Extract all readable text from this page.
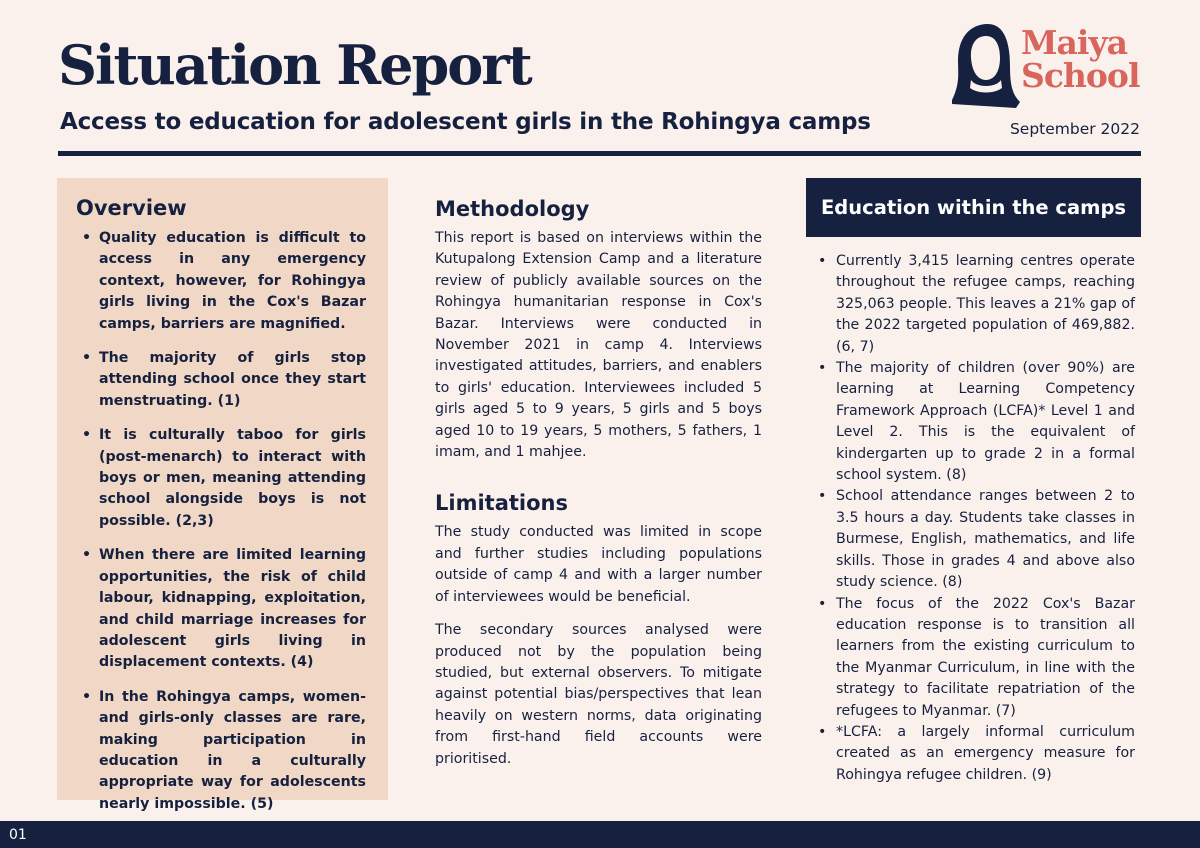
Situation Report
Access to education for adolescent girls in the Rohingya camps	September 2022
Maiya
School
Overview
• Quality education is difficult to access in any emergency context, however, for Rohingya girls living in the Cox's Bazar camps, barriers are magnified.
• The majority of girls stop attending school once they start menstruating. (1)
• It is culturally taboo for girls (post-menarch) to interact with boys or men, meaning attending school alongside boys is not possible. (2,3)
• When there are limited learning opportunities, the risk of child labour, kidnapping, exploitation, and child marriage increases for adolescent girls living in displacement contexts. (4)
• In the Rohingya camps, women- and girls-only classes are rare, making participation in education in a culturally appropriate way for adolescents nearly impossible. (5)
Methodology

This report is based on interviews within the Kutupalong Extension Camp and a literature review of publicly available sources on the Rohingya humanitarian response in Cox's Bazar. Interviews were conducted in November 2021 in camp 4. Interviews investigated attitudes, barriers, and enablers to girls' education. Interviewees included 5 girls aged 5 to 9 years, 5 girls and 5 boys aged 10 to 19 years, 5 mothers, 5 fathers, 1 imam, and 1 mahjee.

Limitations

The study conducted was limited in scope and further studies including populations outside of camp 4 and with a larger number of interviewees would be beneficial.

The secondary sources analysed were produced not by the population being studied, but external observers. To mitigate against potential bias/perspectives that lean heavily on western norms, data originating from first-hand field accounts were prioritised.

Education within the camps
• Currently 3,415 learning centres operate throughout the refugee camps, reaching 325,063 people. This leaves a 21% gap of the 2022 targeted population of 469,882. (6, 7)
• The majority of children (over 90%) are learning at Learning Competency Framework Approach (LCFA)* Level 1 and Level 2. This is the equivalent of kindergarten up to grade 2 in a formal school system. (8)
• School attendance ranges between 2 to 3.5 hours a day. Students take classes in Burmese, English, mathematics, and life skills. Those in grades 4 and above also study science. (8)
• The focus of the 2022 Cox's Bazar education response is to transition all learners from the existing curriculum to the Myanmar Curriculum, in line with the strategy to facilitate repatriation of the refugees to Myanmar. (7)
• *LCFA: a largely informal curriculum created as an emergency measure for Rohingya refugee children. (9)
01
